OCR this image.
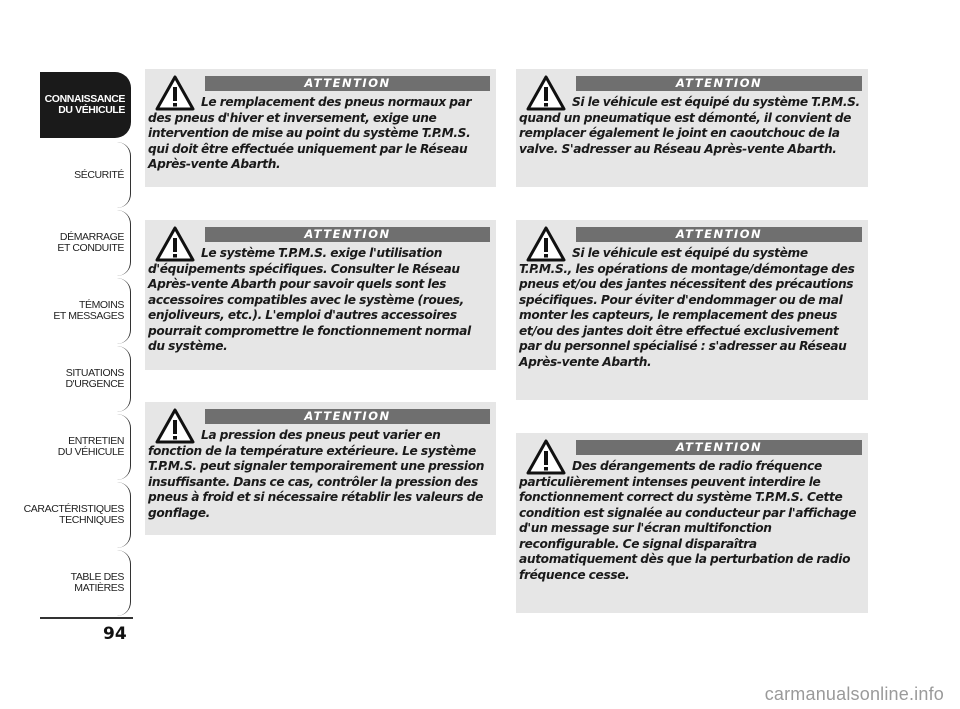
CONNAISSANCE
DU VÉHICULE
SÉCURITÉ
DÉMARRAGE
ET CONDUITE
TÉMOINS
ET MESSAGES
SITUATIONS
D'URGENCE
ENTRETIEN
DU VÉHICULE
CARACTÉRISTIQUES
TECHNIQUES
TABLE DES
MATIÈRES
94
ATTENTION
Le remplacement des pneus normaux par des pneus d'hiver et inversement, exige une intervention de mise au point du système T.P.M.S. qui doit être effectuée uniquement par le Réseau Après-vente Abarth.
ATTENTION
Le système T.P.M.S. exige l'utilisation d'équipements spécifiques. Consulter le Réseau Après-vente Abarth pour savoir quels sont les accessoires compatibles avec le système (roues, enjoliveurs, etc.). L'emploi d'autres accessoires pourrait compromettre le fonctionnement normal du système.
ATTENTION
La pression des pneus peut varier en fonction de la température extérieure. Le système T.P.M.S. peut signaler temporairement une pression insuffisante. Dans ce cas, contrôler la pression des pneus à froid et si nécessaire rétablir les valeurs de gonflage.
ATTENTION
Si le véhicule est équipé du système T.P.M.S. quand un pneumatique est démonté, il convient de remplacer également le joint en caoutchouc de la valve. S'adresser au Réseau Après-vente Abarth.
ATTENTION
Si le véhicule est équipé du système T.P.M.S., les opérations de montage/démontage des pneus et/ou des jantes nécessitent des précautions spécifiques. Pour éviter d'endommager ou de mal monter les capteurs, le remplacement des pneus et/ou des jantes doit être effectué exclusivement par du personnel spécialisé : s'adresser au Réseau Après-vente Abarth.
ATTENTION
Des dérangements de radio fréquence particulièrement intenses peuvent interdire le fonctionnement correct du système T.P.M.S. Cette condition est signalée au conducteur par l'affichage d'un message sur l'écran multifonction reconfigurable. Ce signal disparaîtra automatiquement dès que la perturbation de radio fréquence cesse.
carmanualsonline.info
